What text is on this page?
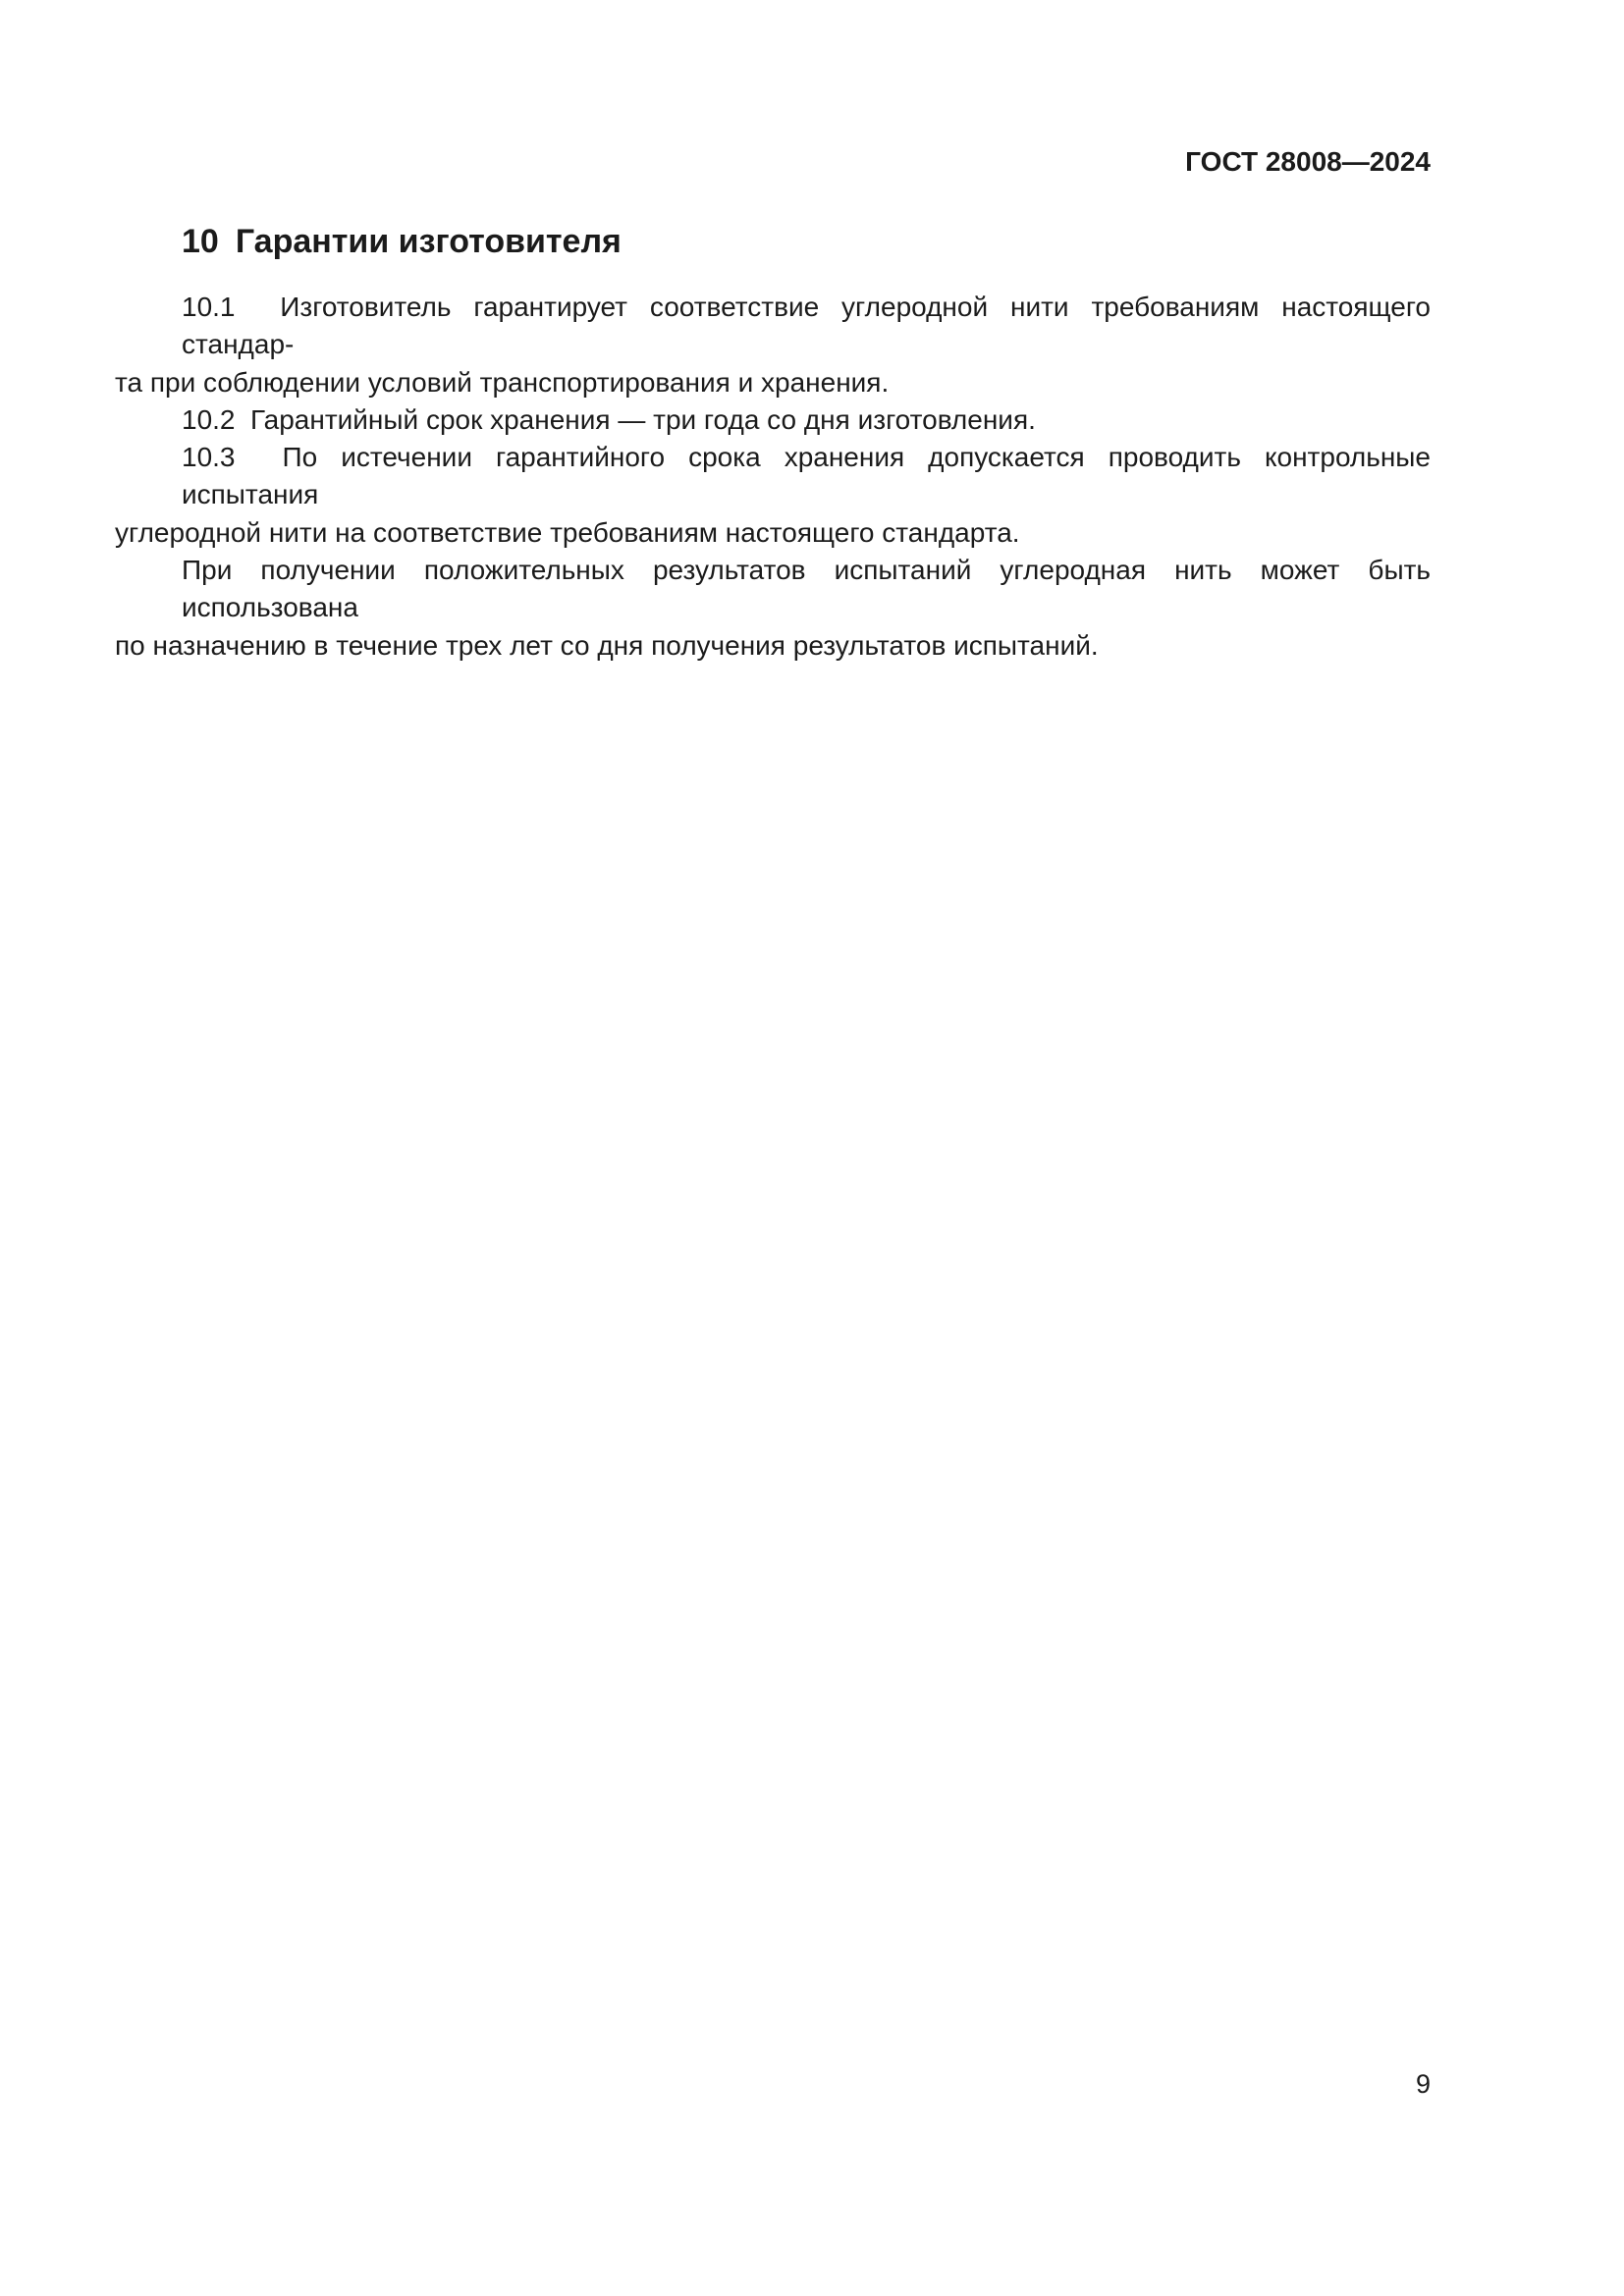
ГОСТ 28008—2024
10 Гарантии изготовителя
10.1  Изготовитель гарантирует соответствие углеродной нити требованиям настоящего стандар-
та при соблюдении условий транспортирования и хранения.
10.2  Гарантийный срок хранения — три года со дня изготовления.
10.3  По истечении гарантийного срока хранения допускается проводить контрольные испытания
углеродной нити на соответствие требованиям настоящего стандарта.
При получении положительных результатов испытаний углеродная нить может быть использована
по назначению в течение трех лет со дня получения результатов испытаний.
9
